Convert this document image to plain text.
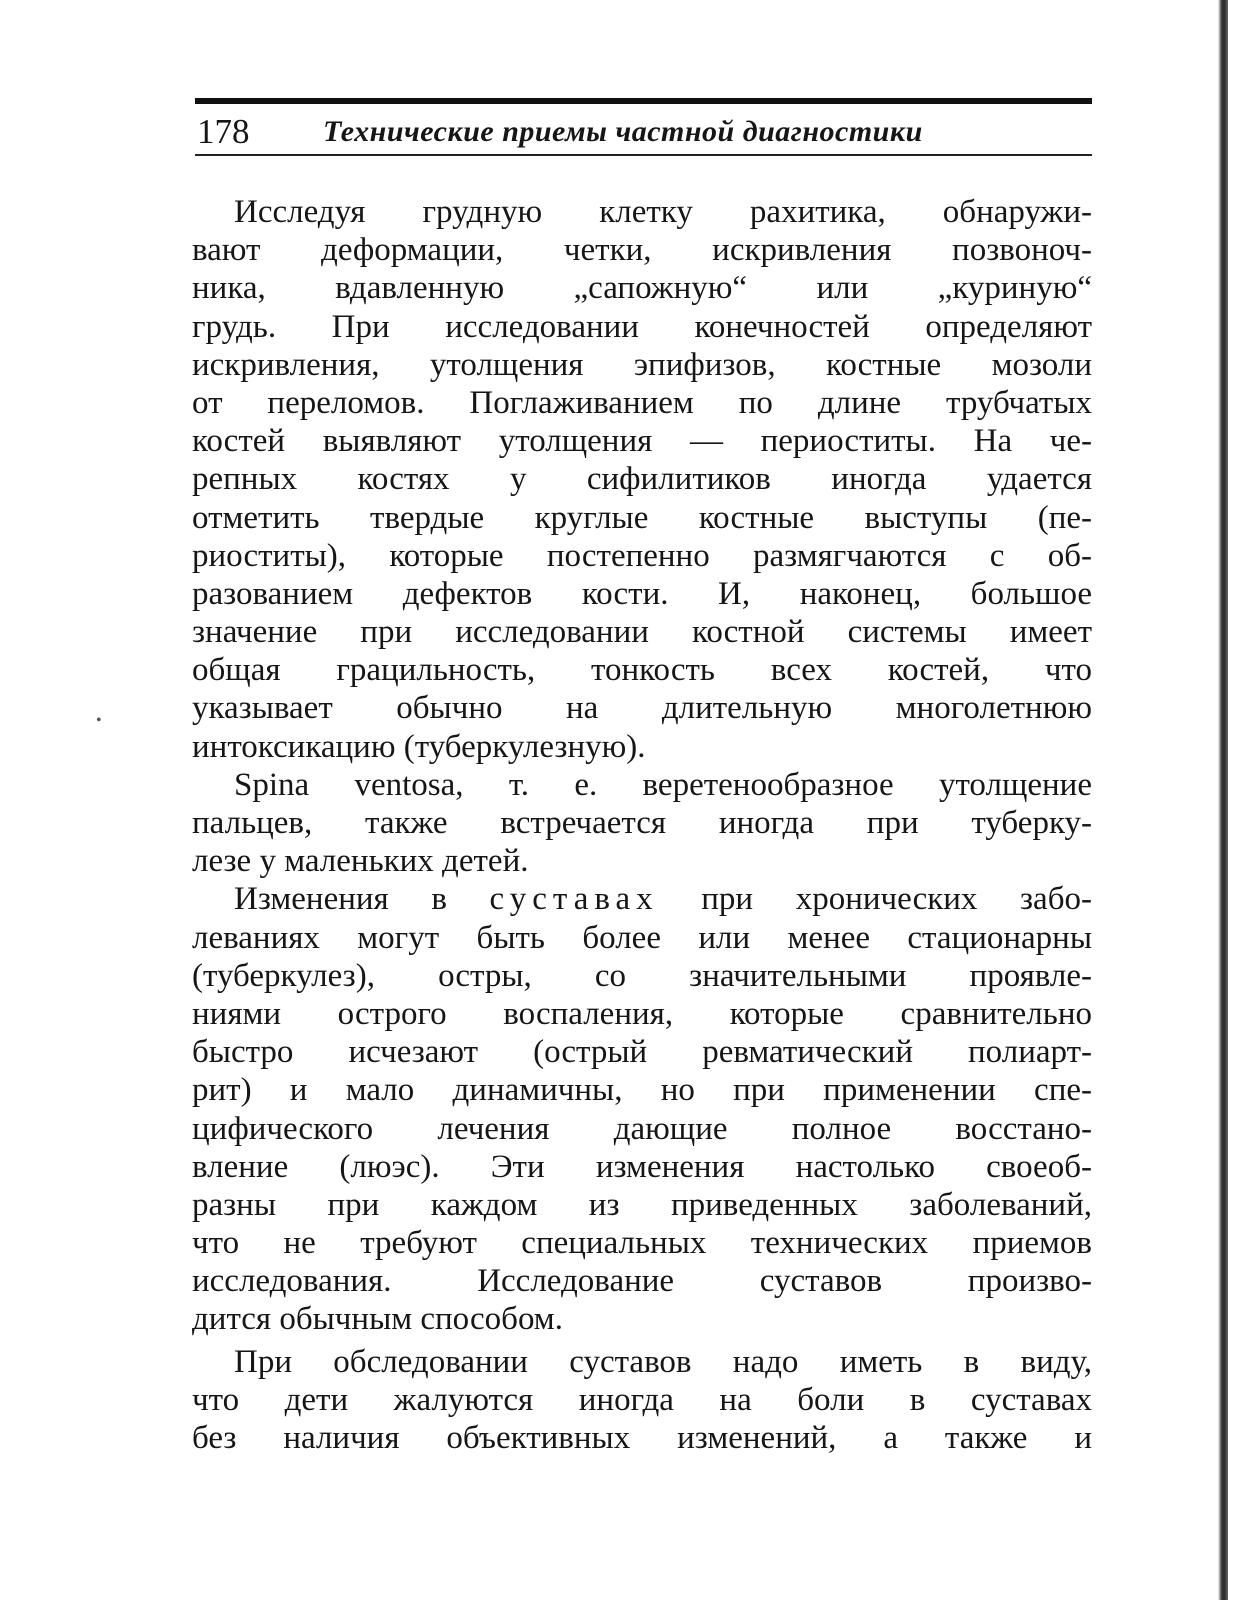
178 Технические приемы частной диагностики
•
Исследуя грудную клетку рахитика, обнаружи-
вают деформации, четки, искривления позвоноч-
ника, вдавленную „сапожную“ или „куриную“
грудь. При исследовании конечностей определяют
искривления, утолщения эпифизов, костные мозоли
от переломов. Поглаживанием по длине трубчатых
костей выявляют утолщения — периоститы. На че-
репных костях у сифилитиков иногда удается
отметить твердые круглые костные выступы (пе-
риоститы), которые постепенно размягчаются с об-
разованием дефектов кости. И, наконец, большое
значение при исследовании костной системы имеет
общая грацильность, тонкость всех костей, что
указывает обычно на длительную многолетнюю
интоксикацию (туберкулезную).
Spina ventosa, т. е. веретенообразное утолщение
пальцев, также встречается иногда при туберку-
лезе у маленьких детей.
Изменения в суставах при хронических забо-
леваниях могут быть более или менее стационарны
(туберкулез), остры, со значительными проявле-
ниями острого воспаления, которые сравнительно
быстро исчезают (острый ревматический полиарт-
рит) и мало динамичны, но при применении спе-
цифического лечения дающие полное восстано-
вление (люэс). Эти изменения настолько своеоб-
разны при каждом из приведенных заболеваний,
что не требуют специальных технических приемов
исследования. Исследование суставов произво-
дится обычным способом.
При обследовании суставов надо иметь в виду,
что дети жалуются иногда на боли в суставах
без наличия объективных изменений, а также и
